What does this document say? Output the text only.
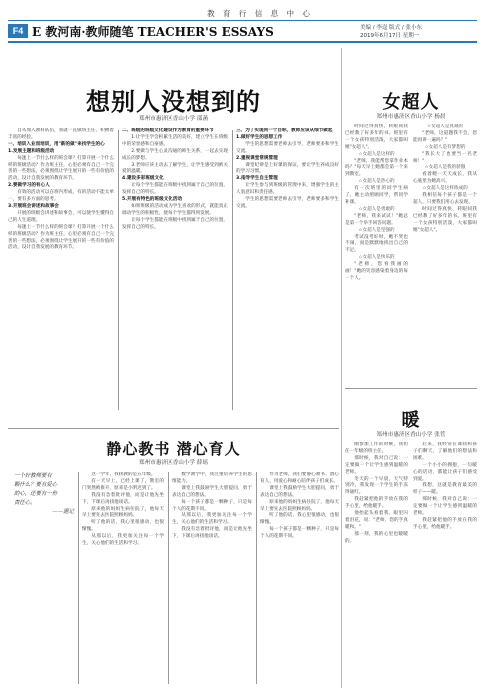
教 育 行 信 息 中 心
F4 E 教河南·教师随笔 TEACHER'S ESSAYS	美编 / 李逞 版式 / 张小东
2019年6月17日 星期一
想别人没想到的
郑州市惠济区香山小学 邵菡

自从加入教科队伍，我就一直做班主任，积攒着丰富的经验。

一、培训入业而培训，用"新的做"来找学生的心

1.发展主题和班级活动

每逢上一节什么样的班会课？打算开展一个什么样的班级活动？作为班主任，心里必须有自己一个完善的一些想法，必须围绕让学生展开的一些有价值的活动，设计自我发展的教育环节。

2.要做学习的有心人

有效的活动可以在班内形成，有的活动不能太单一，要有多方面的思考。

3.开展班会讲述和故事会

开展的班级会讲述和故事会，可以使学生懂得自己的人生道理。

每逢上一节什么样的班会课？打算开展一个什么样的班级活动？作为班主任，心里必须有自己一个完善的一些想法，必须围绕让学生展开的一些有价值的活动，设计自我发展的教育环节。

二、班级的班级文化建设作为教育的重要环节

1.让学生学会积累生活的美好，建立学生在班级中的荣誉感和自豪感。

2.要做与学生心灵沟通的师生关系，一起去实现成长的梦想。

3.老师应该主动去了解学生，让学生感受到被关爱的温暖。

4.建设多彩班级文化

让每个学生都能在班级中找到属于自己的位置，发挥自己的特长。

5.开展有特色的班级文化活动

如果班级的活动成为学生喜欢的形式，就能真正调动学生的积极性，使每个学生都得到发展。

让每个学生都能在班级中找到属于自己的位置，发挥自己的特长。

三、为了实现同一个目标，教师应该从细节做起

1.做好学生的思想工作

学生的思想需要老师去引导，老师要多和学生交流。

2.重视课堂常规管理

课堂纪律是上好课的保证，要让学生养成良好的学习习惯。

3.指导学生自主管理

让学生参与到班级的管理中来，增强学生的主人翁意识和责任感。

学生的思想需要老师去引导，老师要多和学生交流。

女超人
郑州市惠济区香山小学 杨晨

时间过得真快，转眼间我已经教了好多年的书。班里有一个女孩特别活泼，大家都叫她"女超人"。

☆女超人是这样的

"老师，我能帮您拿作业本吗？"每天早上她都会第一个来到教室。

☆女超人是热心的

有一次班里的同学生病了，她主动照顾同学，帮同学补课。

☆女超人是勇敢的

"老师，我来试试！"她总是第一个举手回答问题。

☆女超人是坚强的

考试没考好时，她不哭也不闹，而是默默地找出自己的不足。

☆女超人是快乐的

"老师，您看我画的画！"她的笑容感染着身边的每一个人。

☆女超人是真诚的

"老师，这道题我不会，您能再讲一遍吗？"

☆女超人是有梦想的

"我长大了也要当一名老师！"

☆女超人是我的骄傲

看着她一天天成长，我从心底里为她高兴。

☆女超人是这样炼成的

我相信每个孩子都是一个超人，只要我们用心去发现。

时间过得真快，转眼间我已经教了好多年的书。班里有一个女孩特别活泼，大家都叫她"女超人"。

静心教书 潜心育人
郑州市惠济区香山小学 薛瑶
一个好教师要有
颗什么？要有爱心
的心，还要有一份
责任心。
——题记

这一学年，我执教的是五年级。

有一天早上，已经上课了，教室的门突然被推开，原来是小明迟到了。

我没有急着批评他，而是让他先坐下，下课后再找他谈话。

原来他的妈妈生病住院了，他每天早上要先去医院照顾妈妈。

听了他的话，我心里很感动，也很惭愧。

从那以后，我更加关注每一个学生，关心他们的生活和学习。

数学教学中，我注重培养学生的思维能力。

课堂上我鼓励学生大胆提问，勇于表达自己的想法。

每一个孩子都是一颗种子，只是每个人的花期不同。

从那以后，我更加关注每一个学生，关心他们的生活和学习。

我没有急着批评他，而是让他先坐下，下课后再找他谈话。

作为老师，我们要静心教书、潜心育人，用爱心和耐心陪伴孩子们成长。

课堂上我鼓励学生大胆提问，勇于表达自己的想法。

原来他的妈妈生病住院了，他每天早上要先去医院照顾妈妈。

听了他的话，我心里很感动，也很惭愧。

每一个孩子都是一颗种子，只是每个人的花期不同。

暖
郑州市惠济区香山小学 张菅

刚参加工作的时候，我担任一年级的班主任。

那时候，我对自己说：一定要做一个让学生感到温暖的老师。

冬天的一个早晨，天气特别冷，我发现一个学生的手冻得通红。

我赶紧把他的手放在我的手心里，给他暖手。

他抬起头看着我，眼里闪着泪花，说："老师，您的手真暖和。"

那一刻，我的心里也暖暖的。

后来，我经常在课间和孩子们聊天，了解他们的想法和困难。

一个小小的拥抱，一句暖心的话语，都能让孩子们感受到爱。

我想，这就是教育最美的样子——暖。

那时候，我对自己说：一定要做一个让学生感到温暖的老师。

我赶紧把他的手放在我的手心里，给他暖手。
